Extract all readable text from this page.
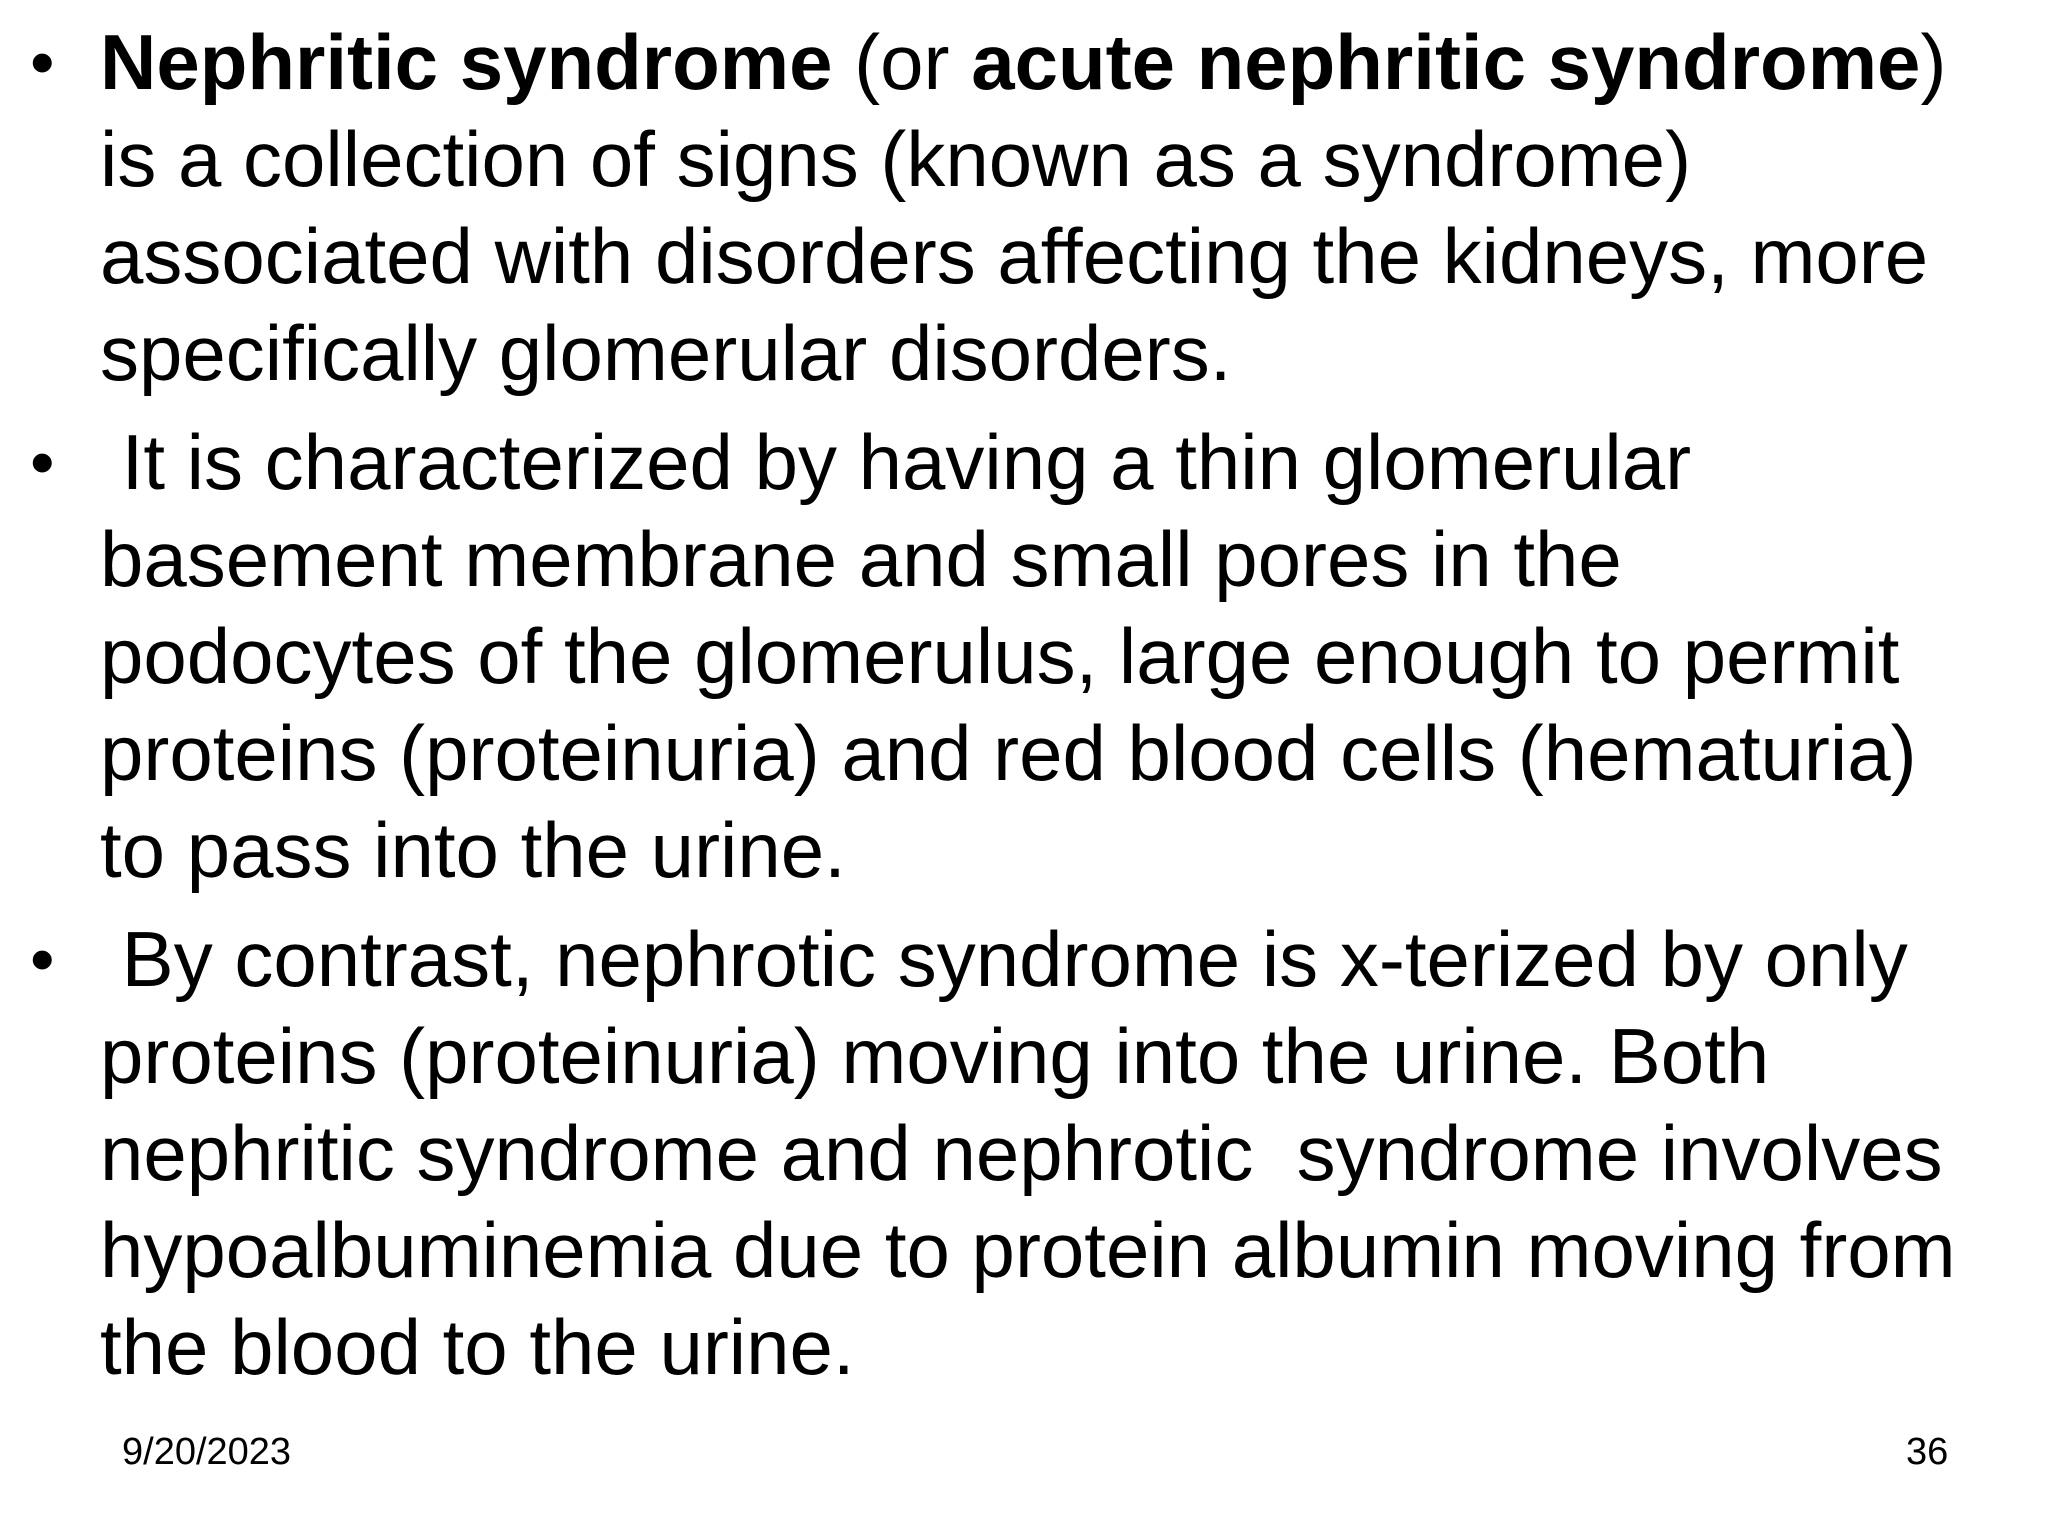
• Nephritic syndrome (or acute nephritic syndrome)
is a collection of signs (known as a syndrome)
associated with disorders affecting the kidneys, more
specifically glomerular disorders.
• It is characterized by having a thin glomerular
basement membrane and small pores in the
podocytes of the glomerulus, large enough to permit
proteins (proteinuria) and red blood cells (hematuria)
to pass into the urine.
• By contrast, nephrotic syndrome is x-terized by only
proteins (proteinuria) moving into the urine. Both
nephritic syndrome and nephrotic  syndrome involves
hypoalbuminemia due to protein albumin moving from
the blood to the urine.
9/20/2023	36
